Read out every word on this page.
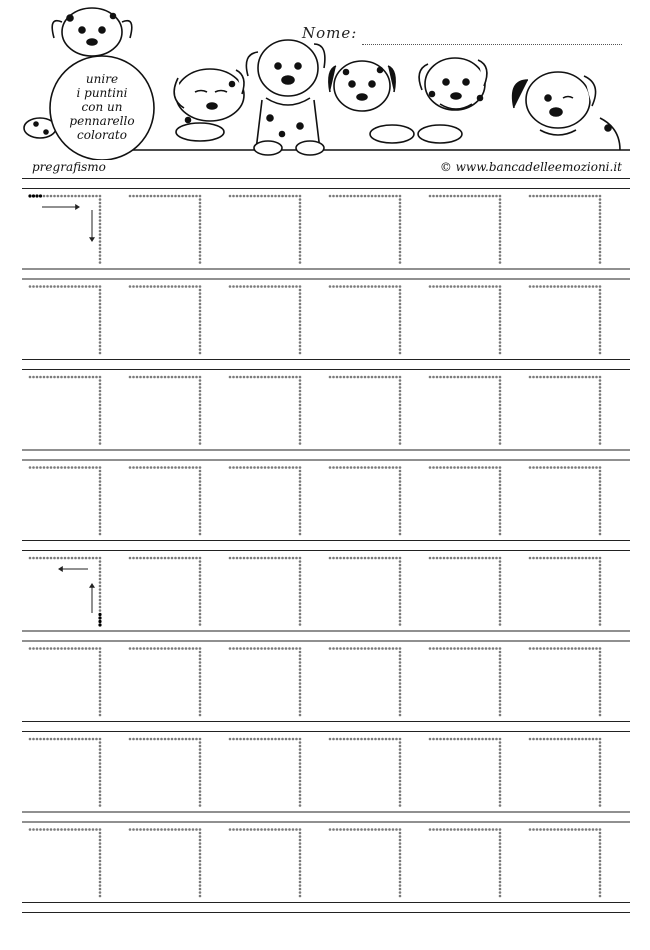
unire
i puntini
con un
pennarello
colorato
Nome:
pregrafismo	© www.bancadelleemozioni.it
